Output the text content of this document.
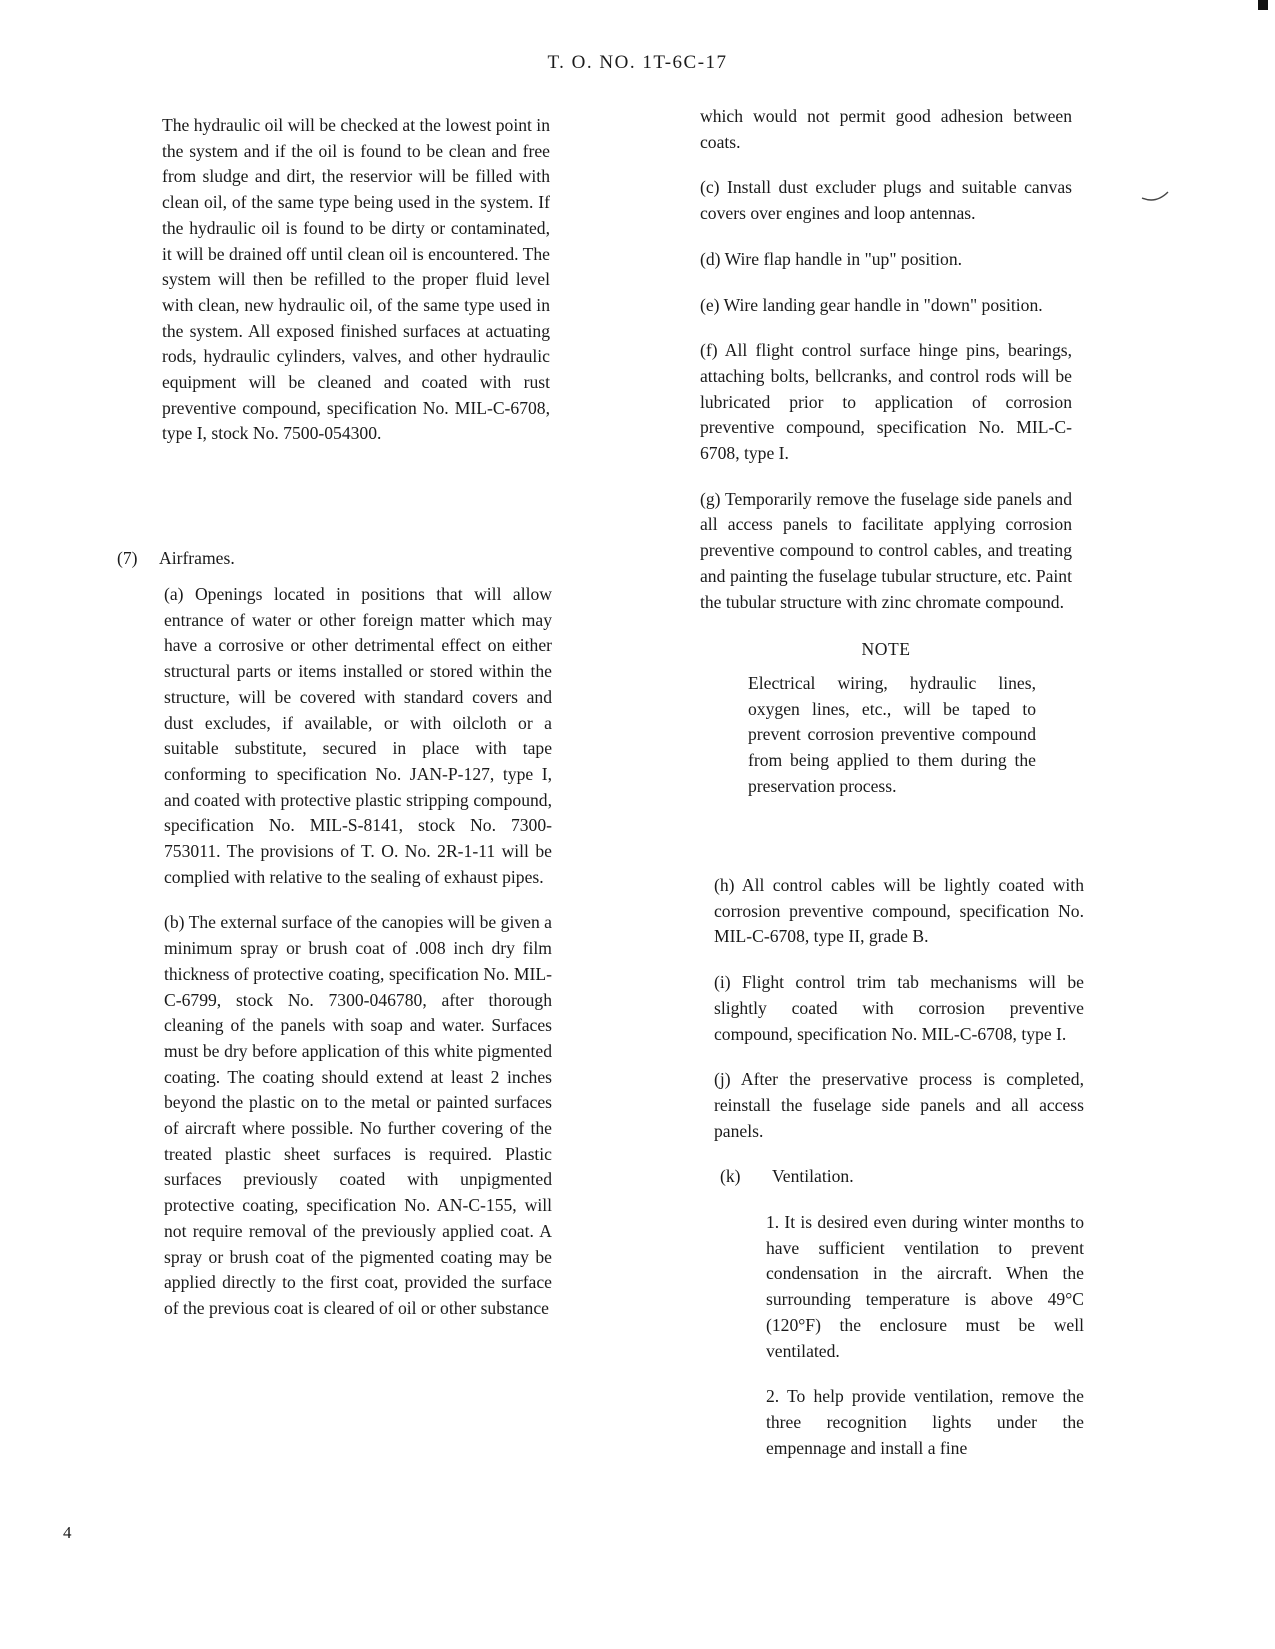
T. O. NO. 1T-6C-17

The hydraulic oil will be checked at the lowest point in the system and if the oil is found to be clean and free from sludge and dirt, the reservior will be filled with clean oil, of the same type being used in the system. If the hydraulic oil is found to be dirty or contaminated, it will be drained off until clean oil is encountered. The system will then be refilled to the proper fluid level with clean, new hydraulic oil, of the same type used in the system. All exposed finished surfaces at actuating rods, hydraulic cylinders, valves, and other hydraulic equipment will be cleaned and coated with rust preventive compound, specification No. MIL-C-6708, type I, stock No. 7500-054300.

(7) Airframes.

(a) Openings located in positions that will allow entrance of water or other foreign matter which may have a corrosive or other detrimental effect on either structural parts or items installed or stored within the structure, will be covered with standard covers and dust excludes, if available, or with oilcloth or a suitable substitute, secured in place with tape conforming to specification No. JAN-P-127, type I, and coated with protective plastic stripping compound, specification No. MIL-S-8141, stock No. 7300-753011. The provisions of T. O. No. 2R-1-11 will be complied with relative to the sealing of exhaust pipes.

(b) The external surface of the canopies will be given a minimum spray or brush coat of .008 inch dry film thickness of protective coating, specification No. MIL-C-6799, stock No. 7300-046780, after thorough cleaning of the panels with soap and water. Surfaces must be dry before application of this white pigmented coating. The coating should extend at least 2 inches beyond the plastic on to the metal or painted surfaces of aircraft where possible. No further covering of the treated plastic sheet surfaces is required. Plastic surfaces previously coated with unpigmented protective coating, specification No. AN-C-155, will not require removal of the previously applied coat. A spray or brush coat of the pigmented coating may be applied directly to the first coat, provided the surface of the previous coat is cleared of oil or other substance

which would not permit good adhesion between coats.

(c) Install dust excluder plugs and suitable canvas covers over engines and loop antennas.

(d) Wire flap handle in "up" position.

(e) Wire landing gear handle in "down" position.

(f) All flight control surface hinge pins, bearings, attaching bolts, bellcranks, and control rods will be lubricated prior to application of corrosion preventive compound, specification No. MIL-C-6708, type I.

(g) Temporarily remove the fuselage side panels and all access panels to facilitate applying corrosion preventive compound to control cables, and treating and painting the fuselage tubular structure, etc. Paint the tubular structure with zinc chromate compound.

NOTE

Electrical wiring, hydraulic lines, oxygen lines, etc., will be taped to prevent corrosion preventive compound from being applied to them during the preservation process.

(h) All control cables will be lightly coated with corrosion preventive compound, specification No. MIL-C-6708, type II, grade B.

(i) Flight control trim tab mechanisms will be slightly coated with corrosion preventive compound, specification No. MIL-C-6708, type I.

(j) After the preservative process is completed, reinstall the fuselage side panels and all access panels.

(k) Ventilation.

1. It is desired even during winter months to have sufficient ventilation to prevent condensation in the aircraft. When the surrounding temperature is above 49°C (120°F) the enclosure must be well ventilated.

2. To help provide ventilation, remove the three recognition lights under the empennage and install a fine

4
